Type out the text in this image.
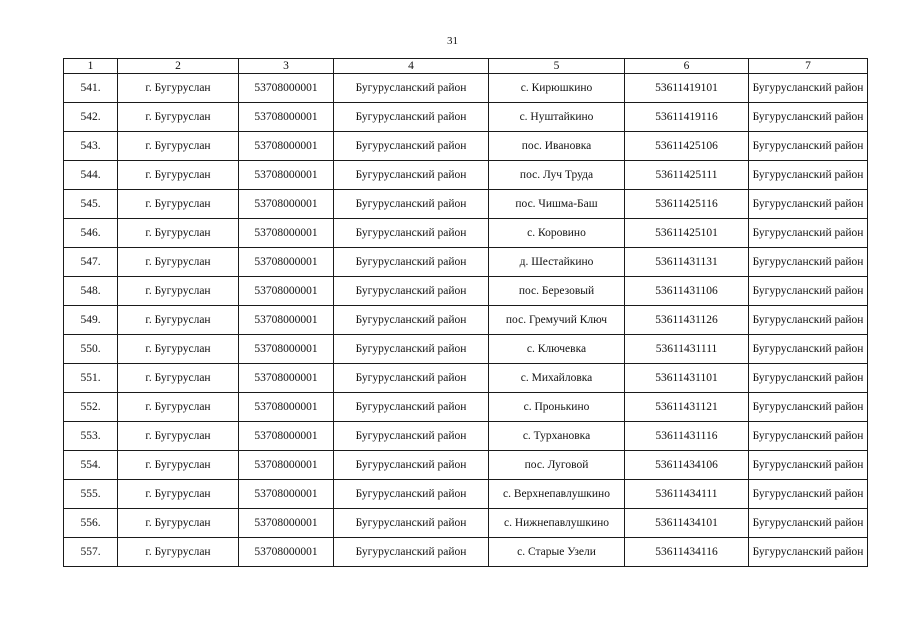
31
1	2	3	4	5	6	7
541.	г. Бугуруслан	53708000001	Бугурусланский район	с. Кирюшкино	53611419101	Бугурусланский район
542.	г. Бугуруслан	53708000001	Бугурусланский район	с. Нуштайкино	53611419116	Бугурусланский район
543.	г. Бугуруслан	53708000001	Бугурусланский район	пос. Ивановка	53611425106	Бугурусланский район
544.	г. Бугуруслан	53708000001	Бугурусланский район	пос. Луч Труда	53611425111	Бугурусланский район
545.	г. Бугуруслан	53708000001	Бугурусланский район	пос. Чишма-Баш	53611425116	Бугурусланский район
546.	г. Бугуруслан	53708000001	Бугурусланский район	с. Коровино	53611425101	Бугурусланский район
547.	г. Бугуруслан	53708000001	Бугурусланский район	д. Шестайкино	53611431131	Бугурусланский район
548.	г. Бугуруслан	53708000001	Бугурусланский район	пос. Березовый	53611431106	Бугурусланский район
549.	г. Бугуруслан	53708000001	Бугурусланский район	пос. Гремучий Ключ	53611431126	Бугурусланский район
550.	г. Бугуруслан	53708000001	Бугурусланский район	с. Ключевка	53611431111	Бугурусланский район
551.	г. Бугуруслан	53708000001	Бугурусланский район	с. Михайловка	53611431101	Бугурусланский район
552.	г. Бугуруслан	53708000001	Бугурусланский район	с. Пронькино	53611431121	Бугурусланский район
553.	г. Бугуруслан	53708000001	Бугурусланский район	с. Турхановка	53611431116	Бугурусланский район
554.	г. Бугуруслан	53708000001	Бугурусланский район	пос. Луговой	53611434106	Бугурусланский район
555.	г. Бугуруслан	53708000001	Бугурусланский район	с. Верхнепавлушкино	53611434111	Бугурусланский район
556.	г. Бугуруслан	53708000001	Бугурусланский район	с. Нижнепавлушкино	53611434101	Бугурусланский район
557.	г. Бугуруслан	53708000001	Бугурусланский район	с. Старые Узели	53611434116	Бугурусланский район
